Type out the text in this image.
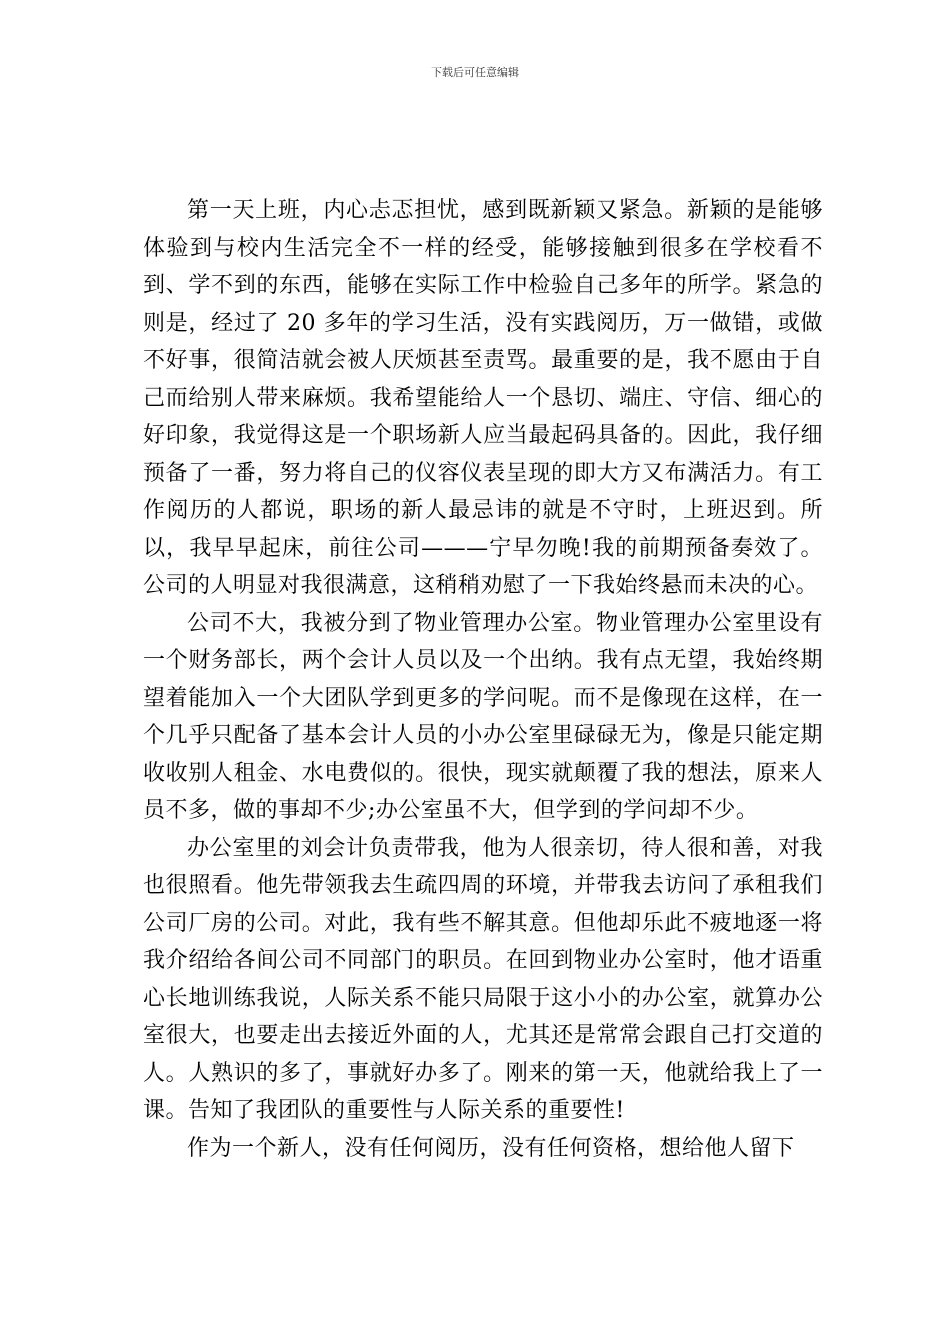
下载后可任意编辑

第一天上班，内心忐忑担忧，感到既新颖又紧急。新颖的是能够体验到与校内生活完全不一样的经受，能够接触到很多在学校看不到、学不到的东西，能够在实际工作中检验自己多年的所学。紧急的则是，经过了 20 多年的学习生活，没有实践阅历，万一做错，或做不好事，很简洁就会被人厌烦甚至责骂。最重要的是，我不愿由于自己而给别人带来麻烦。我希望能给人一个恳切、端庄、守信、细心的好印象，我觉得这是一个职场新人应当最起码具备的。因此，我仔细预备了一番，努力将自己的仪容仪表呈现的即大方又布满活力。有工作阅历的人都说，职场的新人最忌讳的就是不守时，上班迟到。所以，我早早起床，前往公司———宁早勿晚!我的前期预备奏效了。公司的人明显对我很满意，这稍稍劝慰了一下我始终悬而未决的心。

公司不大，我被分到了物业管理办公室。物业管理办公室里设有一个财务部长，两个会计人员以及一个出纳。我有点无望，我始终期望着能加入一个大团队学到更多的学问呢。而不是像现在这样，在一个几乎只配备了基本会计人员的小办公室里碌碌无为，像是只能定期收收别人租金、水电费似的。很快，现实就颠覆了我的想法，原来人员不多，做的事却不少;办公室虽不大，但学到的学问却不少。

办公室里的刘会计负责带我，他为人很亲切，待人很和善，对我也很照看。他先带领我去生疏四周的环境，并带我去访问了承租我们公司厂房的公司。对此，我有些不解其意。但他却乐此不疲地逐一将我介绍给各间公司不同部门的职员。在回到物业办公室时，他才语重心长地训练我说，人际关系不能只局限于这小小的办公室，就算办公室很大，也要走出去接近外面的人，尤其还是常常会跟自己打交道的人。人熟识的多了，事就好办多了。刚来的第一天，他就给我上了一课。告知了我团队的重要性与人际关系的重要性!

作为一个新人，没有任何阅历，没有任何资格，想给他人留下
